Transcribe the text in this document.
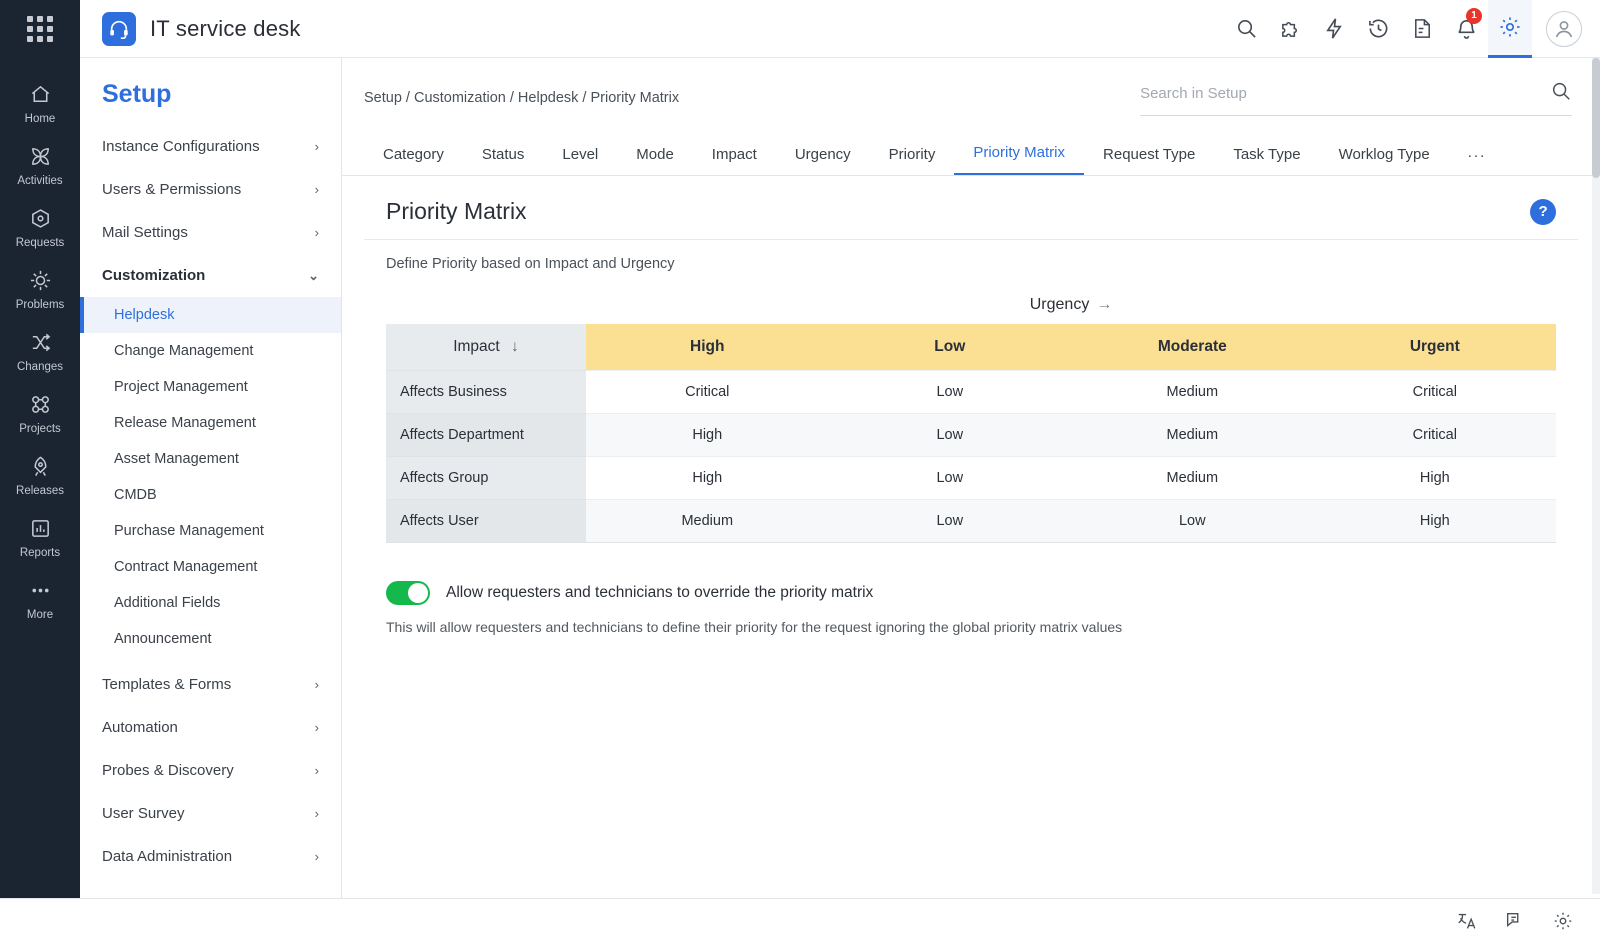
IT service desk
1
Home
Activities
Requests
Problems
Changes
Projects
Releases
Reports
More
Setup
Instance Configurations	›
Users & Permissions	›
Mail Settings	›
Customization	⌄
Helpdesk
Change Management
Project Management
Release Management
Asset Management
CMDB
Purchase Management
Contract Management
Additional Fields
Announcement
Templates & Forms	›
Automation	›
Probes & Discovery	›
User Survey	›
Data Administration	›
Setup / Customization / Helpdesk / Priority Matrix
Search in Setup
Category	Status	Level	Mode	Impact	Urgency	Priority	Priority Matrix	Request Type	Task Type	Worklog Type	...
Priority Matrix	?
Define Priority based on Impact and Urgency
Urgency →
Impact ↓	High	Low	Moderate	Urgent
Affects Business	Critical	Low	Medium	Critical
Affects Department	High	Low	Medium	Critical
Affects Group	High	Low	Medium	High
Affects User	Medium	Low	Low	High
Allow requesters and technicians to override the priority matrix
This will allow requesters and technicians to define their priority for the request ignoring the global priority matrix values
